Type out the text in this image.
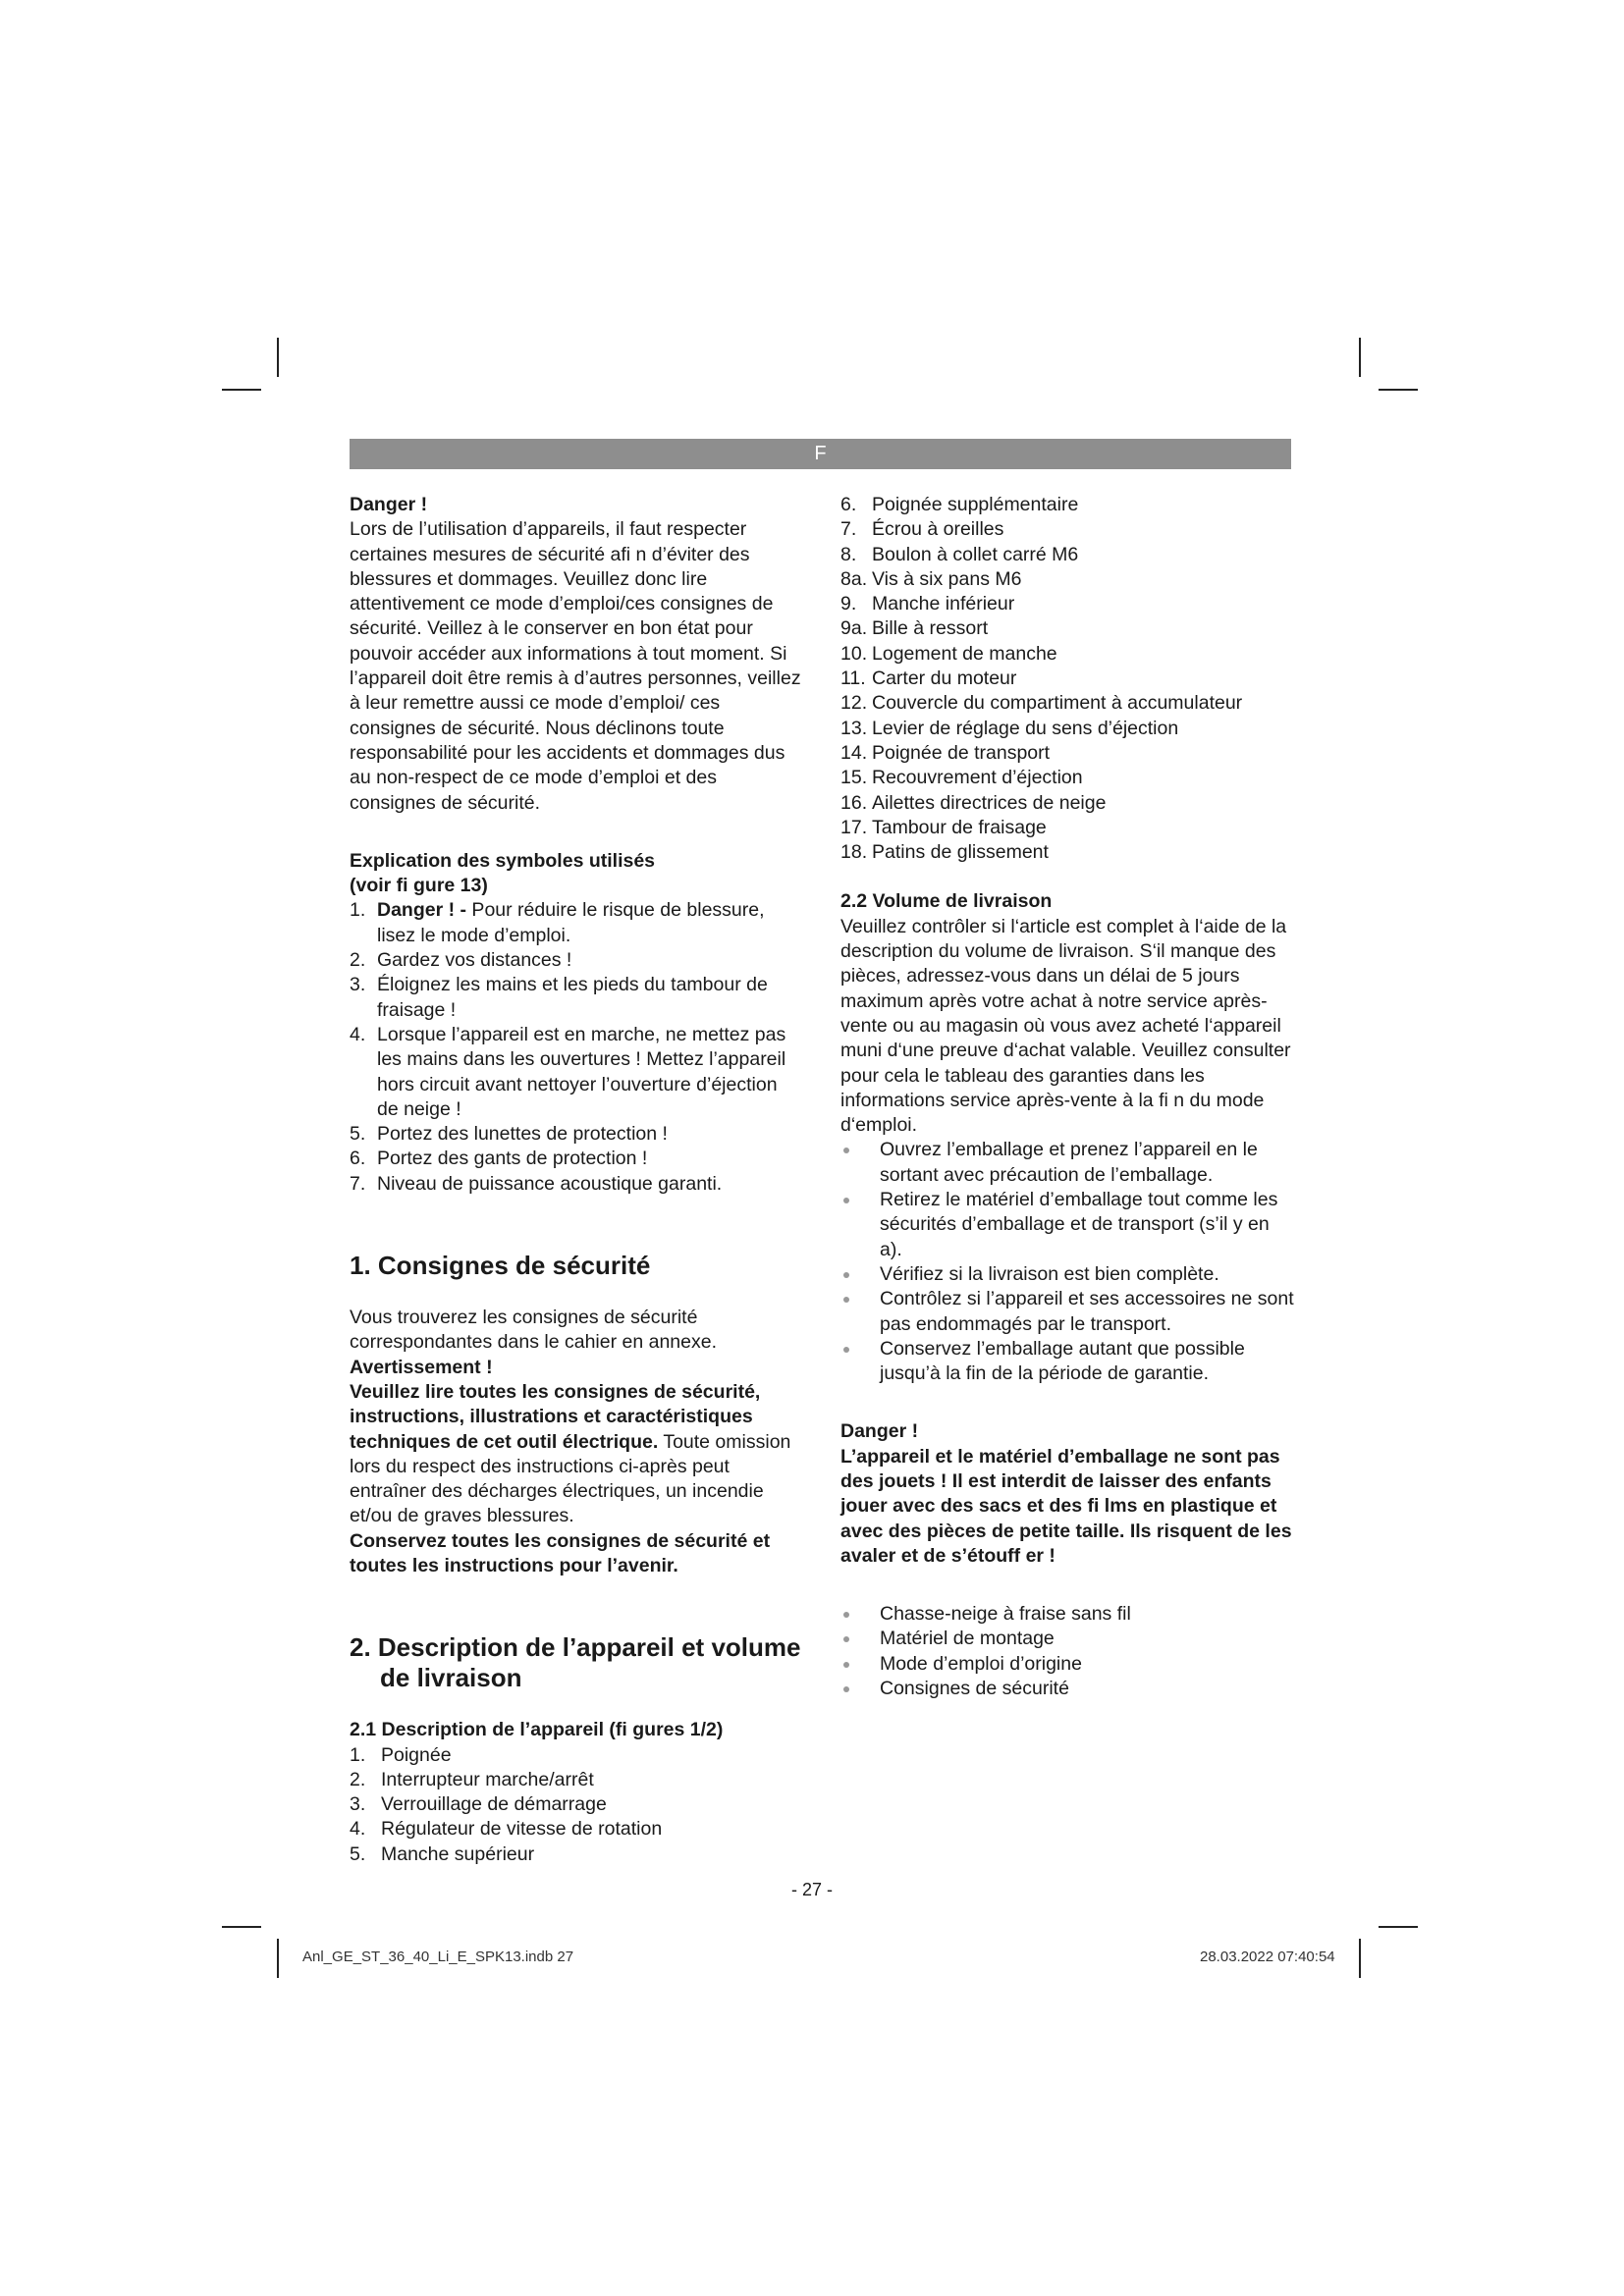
F

Danger !

Lors de l’utilisation d’appareils, il faut respecter certaines mesures de sécurité afi n d’éviter des blessures et dommages. Veuillez donc lire attentivement ce mode d’emploi/ces consignes de sécurité. Veillez à le conserver en bon état pour pouvoir accéder aux informations à tout moment. Si l’appareil doit être remis à d’autres personnes, veillez à leur remettre aussi ce mode d’emploi/ ces consignes de sécurité. Nous déclinons toute responsabilité pour les accidents et dommages dus au non-respect de ce mode d’emploi et des consignes de sécurité.

Explication des symboles utilisés

(voir fi gure 13)

1. Danger ! - Pour réduire le risque de blessure, lisez le mode d’emploi.
2. Gardez vos distances !
3. Éloignez les mains et les pieds du tambour de fraisage !
4. Lorsque l’appareil est en marche, ne mettez pas les mains dans les ouvertures ! Mettez l’appareil hors circuit avant nettoyer l’ouverture d’éjection de neige !
5. Portez des lunettes de protection !
6. Portez des gants de protection !
7. Niveau de puissance acoustique garanti.

1. Consignes de sécurité

Vous trouverez les consignes de sécurité correspondantes dans le cahier en annexe.

Avertissement !

Veuillez lire toutes les consignes de sécurité, instructions, illustrations et caractéristiques techniques de cet outil électrique. Toute omission lors du respect des instructions ci-après peut entraîner des décharges électriques, un incendie et/ou de graves blessures.

Conservez toutes les consignes de sécurité et toutes les instructions pour l’avenir.

2. Description de l’appareil et volume de livraison

2.1 Description de l’appareil (fi gures 1/2)

1. Poignée
2. Interrupteur marche/arrêt
3. Verrouillage de démarrage
4. Régulateur de vitesse de rotation
5. Manche supérieur
6. Poignée supplémentaire
7. Écrou à oreilles
8. Boulon à collet carré M6
8a. Vis à six pans M6
9. Manche inférieur
9a. Bille à ressort
10. Logement de manche
11. Carter du moteur
12. Couvercle du compartiment à accumulateur
13. Levier de réglage du sens d’éjection
14. Poignée de transport
15. Recouvrement d’éjection
16. Ailettes directrices de neige
17. Tambour de fraisage
18. Patins de glissement

2.2 Volume de livraison

Veuillez contrôler si l‘article est complet à l‘aide de la description du volume de livraison. S‘il manque des pièces, adressez-vous dans un délai de 5 jours maximum après votre achat à notre service après-vente ou au magasin où vous avez acheté l‘appareil muni d‘une preuve d‘achat valable. Veuillez consulter pour cela le tableau des garanties dans les informations service après-vente à la fi n du mode d‘emploi.

Ouvrez l’emballage et prenez l’appareil en le sortant avec précaution de l’emballage.
Retirez le matériel d’emballage tout comme les sécurités d’emballage et de transport (s’il y en a).
Vérifiez si la livraison est bien complète.
Contrôlez si l’appareil et ses accessoires ne sont pas endommagés par le transport.
Conservez l’emballage autant que possible jusqu’à la fin de la période de garantie.

Danger !

L’appareil et le matériel d’emballage ne sont pas des jouets ! Il est interdit de laisser des enfants jouer avec des sacs et des fi lms en plastique et avec des pièces de petite taille. Ils risquent de les avaler et de s’étouff er !

Chasse-neige à fraise sans fil
Matériel de montage
Mode d’emploi d’origine
Consignes de sécurité
- 27 -
Anl_GE_ST_36_40_Li_E_SPK13.indb 27	28.03.2022 07:40:54
